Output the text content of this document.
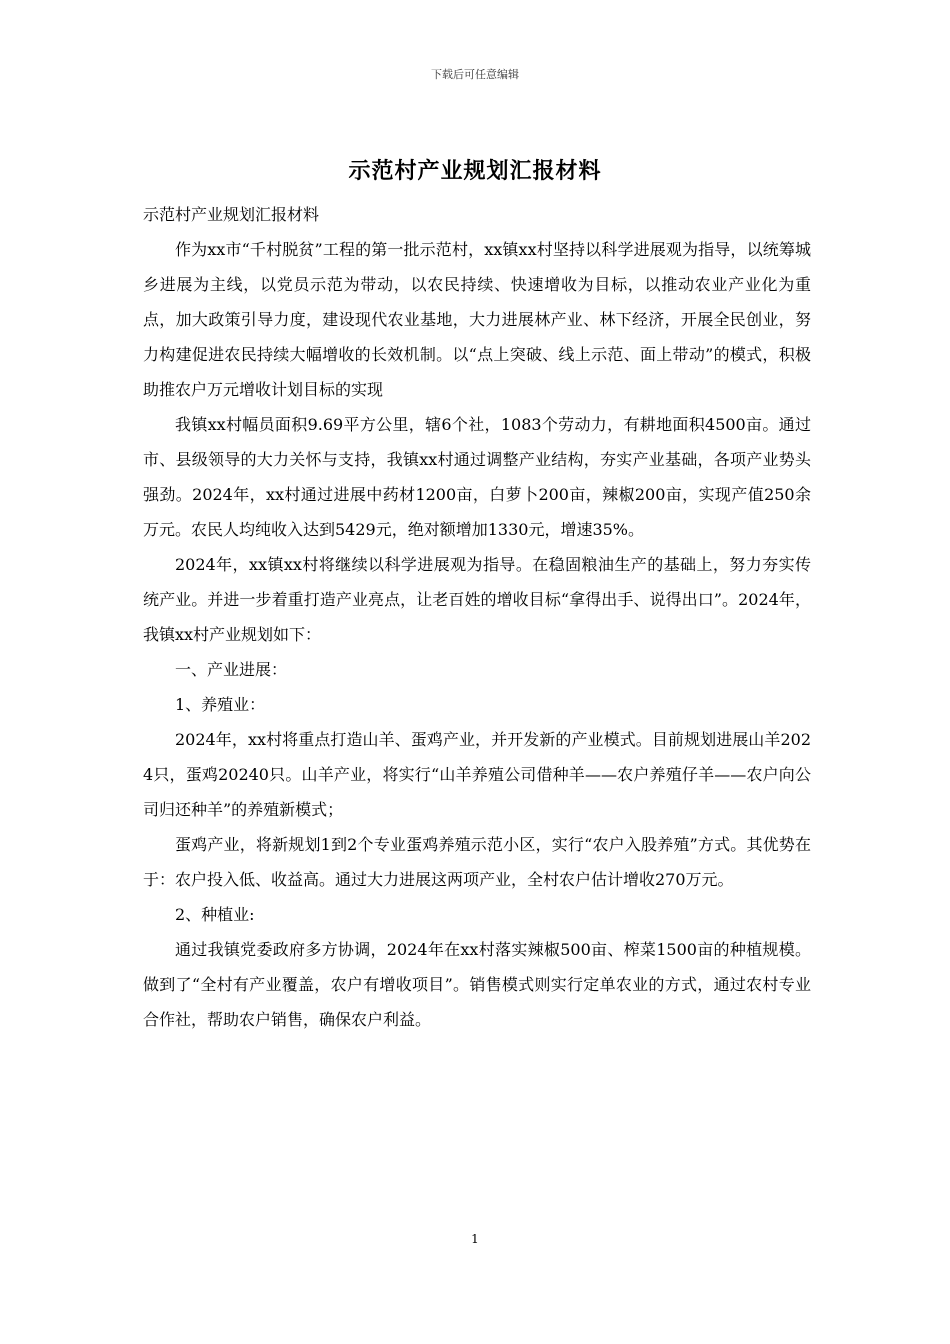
下载后可任意编辑
示范村产业规划汇报材料

示范村产业规划汇报材料

作为xx市“千村脱贫”工程的第一批示范村，xx镇xx村坚持以科学进展观为指导，以统筹城乡进展为主线，以党员示范为带动，以农民持续、快速增收为目标，以推动农业产业化为重点，加大政策引导力度，建设现代农业基地，大力进展林产业、林下经济，开展全民创业，努力构建促进农民持续大幅增收的长效机制。以“点上突破、线上示范、面上带动”的模式，积极助推农户万元增收计划目标的实现

我镇xx村幅员面积9.69平方公里，辖6个社，1083个劳动力，有耕地面积4500亩。通过市、县级领导的大力关怀与支持，我镇xx村通过调整产业结构，夯实产业基础，各项产业势头强劲。2024年，xx村通过进展中药材1200亩，白萝卜200亩，辣椒200亩，实现产值250余万元。农民人均纯收入达到5429元，绝对额增加1330元，增速35%。

2024年，xx镇xx村将继续以科学进展观为指导。在稳固粮油生产的基础上，努力夯实传统产业。并进一步着重打造产业亮点，让老百姓的增收目标“拿得出手、说得出口”。2024年，我镇xx村产业规划如下：

一、产业进展：

1、养殖业：

2024年，xx村将重点打造山羊、蛋鸡产业，并开发新的产业模式。目前规划进展山羊2024只，蛋鸡20240只。山羊产业，将实行“山羊养殖公司借种羊——农户养殖仔羊——农户向公司归还种羊”的养殖新模式；

蛋鸡产业，将新规划1到2个专业蛋鸡养殖示范小区，实行“农户入股养殖”方式。其优势在于：农户投入低、收益高。通过大力进展这两项产业，全村农户估计增收270万元。

2、种植业:

通过我镇党委政府多方协调，2024年在xx村落实辣椒500亩、榨菜1500亩的种植规模。做到了“全村有产业覆盖，农户有增收项目”。销售模式则实行定单农业的方式，通过农村专业合作社，帮助农户销售，确保农户利益。

1
